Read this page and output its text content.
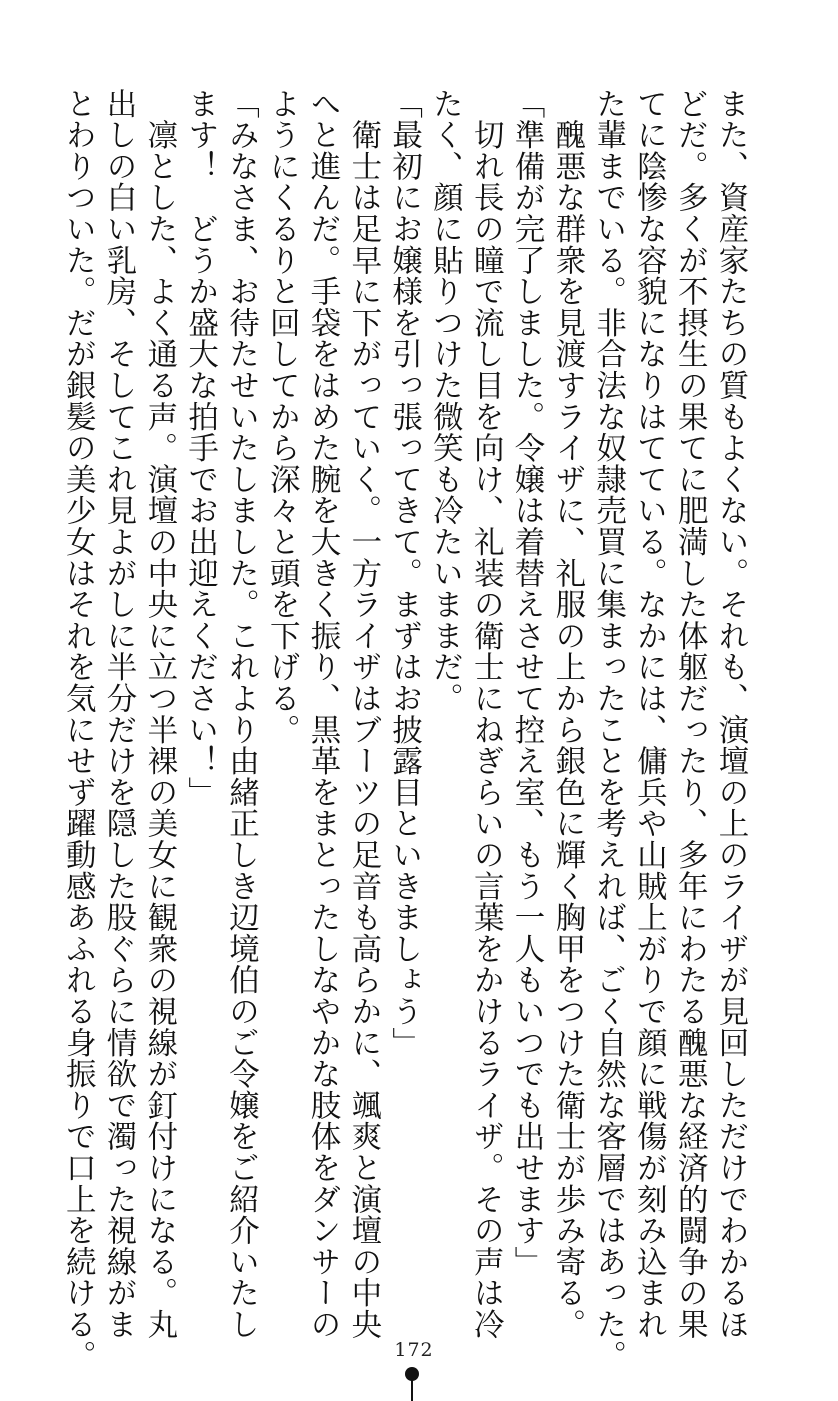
また、資産家たちの質もよくない。それも、演壇の上のライザが見回しただけでわかるほ
どだ。多くが不摂生の果てに肥満した体躯だったり、多年にわたる醜悪な経済的闘争の果
てに陰惨な容貌になりはてている。なかには、傭兵や山賊上がりで顔に戦傷が刻み込まれ
た輩までいる。非合法な奴隷売買に集まったことを考えれば、ごく自然な客層ではあった。
　醜悪な群衆を見渡すライザに、礼服の上から銀色に輝く胸甲をつけた衛士が歩み寄る。
「準備が完了しました。令嬢は着替えさせて控え室、もう一人もいつでも出せます」
　切れ長の瞳で流し目を向け、礼装の衛士にねぎらいの言葉をかけるライザ。その声は冷
たく、顔に貼りつけた微笑も冷たいままだ。
「最初にお嬢様を引っ張ってきて。まずはお披露目といきましょう」
　衛士は足早に下がっていく。一方ライザはブーツの足音も高らかに、颯爽と演壇の中央
へと進んだ。手袋をはめた腕を大きく振り、黒革をまとったしなやかな肢体をダンサーの
ようにくるりと回してから深々と頭を下げる。
「みなさま、お待たせいたしました。これより由緒正しき辺境伯のご令嬢をご紹介いたし
ます！　どうか盛大な拍手でお出迎えください！」
　凛とした、よく通る声。演壇の中央に立つ半裸の美女に観衆の視線が釘付けになる。丸
出しの白い乳房、そしてこれ見よがしに半分だけを隠した股ぐらに情欲で濁った視線がま
とわりついた。だが銀髪の美少女はそれを気にせず躍動感あふれる身振りで口上を続ける。	172
